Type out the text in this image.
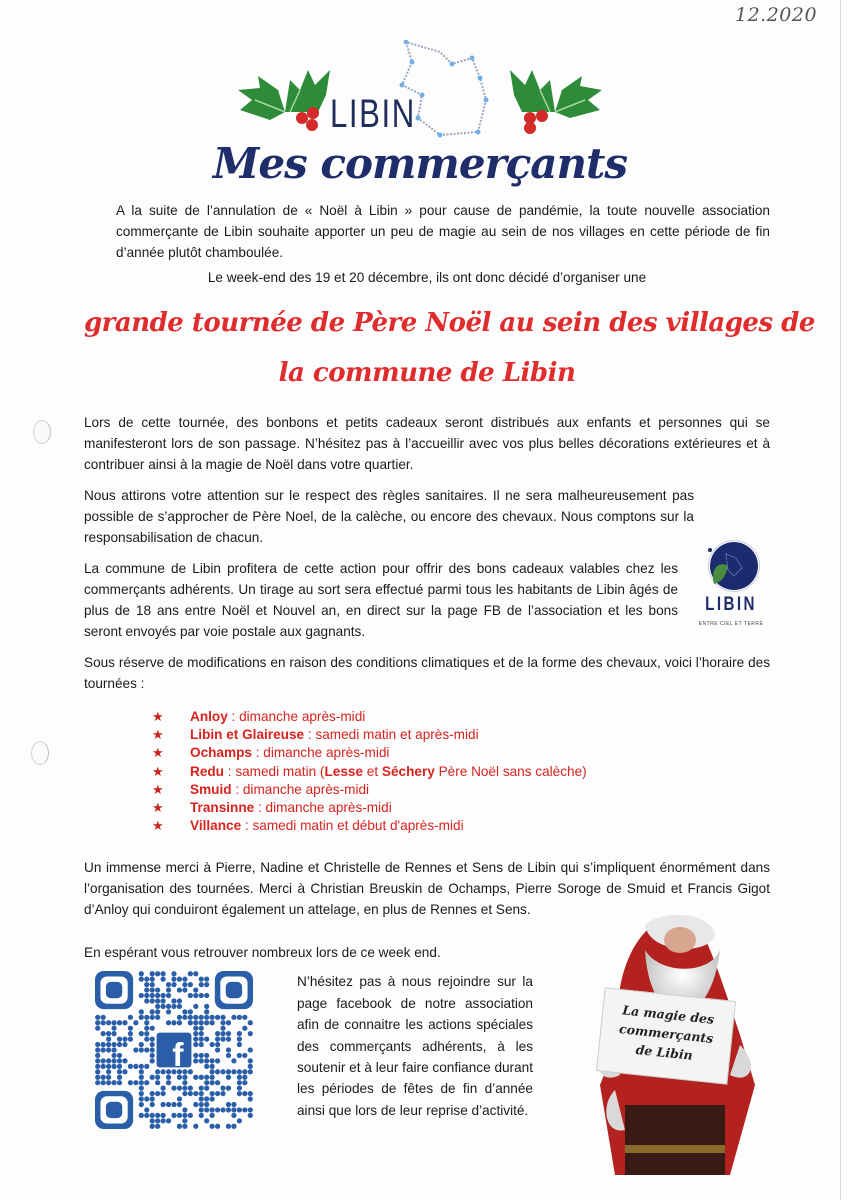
12.2020
LIBIN
Mes commerçants

A la suite de l’annulation de « Noël à Libin » pour cause de pandémie, la toute nouvelle association commerçante de Libin souhaite apporter un peu de magie au sein de nos villages en cette période de fin d’année plutôt chamboulée.

Le week-end des 19 et 20 décembre, ils ont donc décidé d’organiser une

grande tournée de Père Noël au sein des villages de

la commune de Libin

Lors de cette tournée, des bonbons et petits cadeaux seront distribués aux enfants et personnes qui se manifesteront lors de son passage. N’hésitez pas à l’accueillir avec vos plus belles décorations extérieures et à contribuer ainsi à la magie de Noël dans votre quartier.

Nous attirons votre attention sur le respect des règles sanitaires. Il ne sera malheureusement pas possible de s’approcher de Père Noel, de la calèche, ou encore des chevaux. Nous comptons sur la responsabilisation de chacun.

La commune de Libin profitera de cette action pour offrir des bons cadeaux valables chez les commerçants adhérents. Un tirage au sort sera effectué parmi tous les habitants de Libin âgés de plus de 18 ans entre Noël et Nouvel an, en direct sur la page FB de l’association et les bons seront envoyés par voie postale aux gagnants.

LIBIN
ENTRE CIEL ET TERRE

Sous réserve de modifications en raison des conditions climatiques et de la forme des chevaux, voici l’horaire des tournées :

★ Anloy : dimanche après-midi
★ Libin et Glaireuse : samedi matin et après-midi
★ Ochamps : dimanche après-midi
★ Redu : samedi matin (Lesse et Séchery Père Noël sans calèche)
★ Smuid : dimanche après-midi
★ Transinne : dimanche après-midi
★ Villance : samedi matin et début d'après-midi

Un immense merci à Pierre, Nadine et Christelle de Rennes et Sens de Libin qui s’impliquent énormément dans l’organisation des tournées. Merci à Christian Breuskin de Ochamps, Pierre Soroge de Smuid et Francis Gigot d’Anloy qui conduiront également un attelage, en plus de Rennes et Sens.

En espérant vous retrouver nombreux lors de ce week end.

f
N’hésitez pas à nous rejoindre sur la page facebook de notre association afin de connaitre les actions spéciales des commerçants adhérents, à les soutenir et à leur faire confiance durant les périodes de fêtes de fin d’année ainsi que lors de leur reprise d’activité.
La magie des
commerçants
de Libin
